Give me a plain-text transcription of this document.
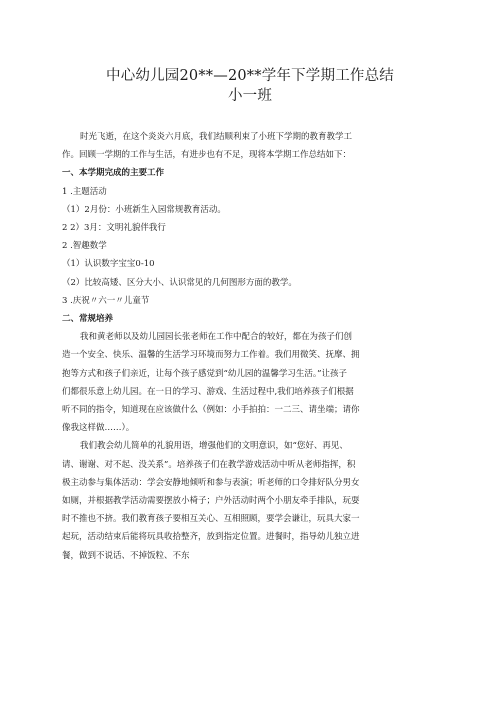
中心幼儿园20**—20**学年下学期工作总结
小一班

时光飞逝，在这个炎炎六月底，我们结顺利束了小班下学期的教育教学工

作。回顾一学期的工作与生活，有进步也有不足，现将本学期工作总结如下：

一、本学期完成的主要工作

1 .主题活动

（1）2月份：小班新生入园常规教育活动。

2 2）3月：文明礼貌伴我行

2 .智趣数学

（1）认识数字宝宝0-10

（2）比较高矮、区分大小、认识常见的几何图形方面的教学。

3 .庆祝〃六一〃儿童节

二、常规培养

我和黄老师以及幼儿园园长张老师在工作中配合的较好，都在为孩子们创

造一个安全、快乐、温馨的生活学习环境而努力工作着。我们用微笑、抚摩、拥

抱等方式和孩子们亲近，让每个孩子感觉到“幼儿园的温馨学习生活。”让孩子

们都很乐意上幼儿园。在一日的学习、游戏、生活过程中,我们培养孩子们根据

听不同的指令，知道现在应该做什么（例如：小手拍拍：一二三、请坐端；请你

像我这样做……）。

我们教会幼儿简单的礼貌用语，增强他们的文明意识，如“您好、再见、

请、谢谢、对不起、没关系”。培养孩子们在教学游戏活动中听从老师指挥，积

极主动参与集体活动：学会安静地倾听和参与表演；听老师的口令排好队分男女

如厕，并根据教学活动需要摆放小椅子；户外活动时两个小朋友牵手排队，玩耍

时不推也不挤。我们教育孩子要相互关心、互相照顾，要学会谦让，玩具大家一

起玩，活动结束后能将玩具收拾整齐，放到指定位置。进餐时，指导幼儿独立进

餐，做到不说话、不掉饭粒、不东
